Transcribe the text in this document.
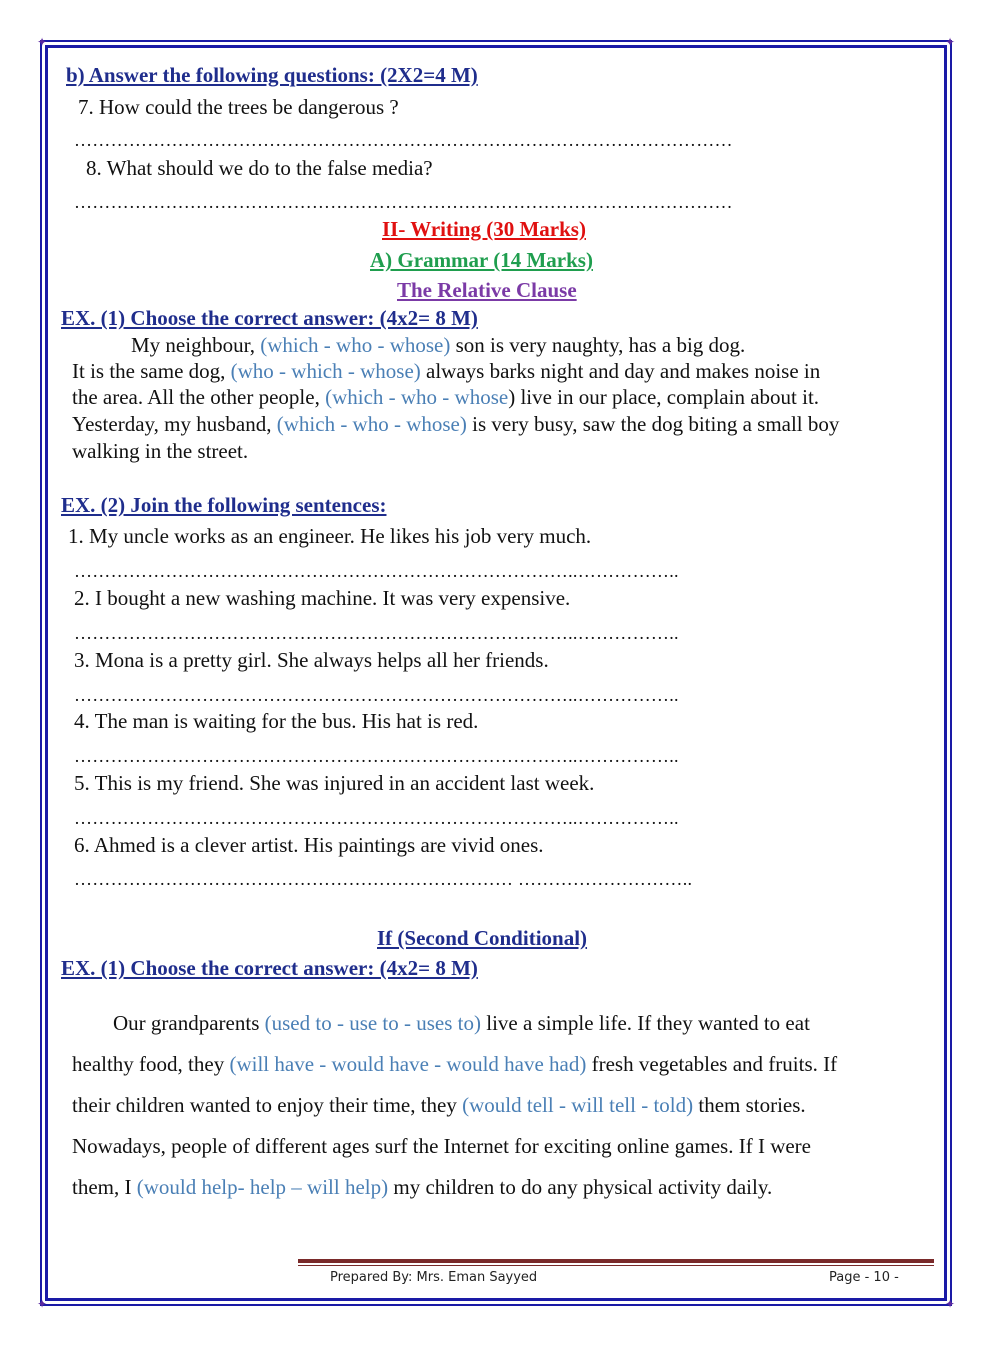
✦	✦
✦	✦
b) Answer the following questions: (2X2=4 M)
7. How could the trees be dangerous ?
………………………………………………………………………………………………
8. What should we do to the false media?
………………………………………………………………………………………………
II- Writing (30 Marks)
A) Grammar (14 Marks)
The Relative Clause
EX. (1) Choose the correct answer: (4x2= 8 M)
My neighbour, (which - who - whose) son is very naughty, has a big dog.
It is the same dog, (who - which - whose) always barks night and day and makes noise in
the area. All the other people, (which - who - whose) live in our place, complain about it.
Yesterday, my husband, (which - who - whose) is very busy, saw the dog biting a small boy
walking in the street.
EX. (2) Join the following sentences:
1. My uncle works as an engineer. He likes his job very much.
………………………………………………………………………..……………..
2. I bought a new washing machine. It was very expensive.
………………………………………………………………………..……………..
3. Mona is a pretty girl. She always helps all her friends.
………………………………………………………………………..……………..
4. The man is waiting for the bus. His hat is red.
………………………………………………………………………..……………..
5. This is my friend. She was injured in an accident last week.
………………………………………………………………………..……………..
6. Ahmed is a clever artist. His paintings are vivid ones.
……………………………………………………………… ………………………..
If (Second Conditional)
EX. (1) Choose the correct answer: (4x2= 8 M)
Our grandparents (used to - use to - uses to) live a simple life. If they wanted to eat
healthy food, they (will have - would have - would have had) fresh vegetables and fruits. If
their children wanted to enjoy their time, they (would tell - will tell - told) them stories.
Nowadays, people of different ages surf the Internet for exciting online games. If I were
them, I (would help- help – will help) my children to do any physical activity daily.
Prepared By: Mrs. Eman Sayyed	Page - 10 -
